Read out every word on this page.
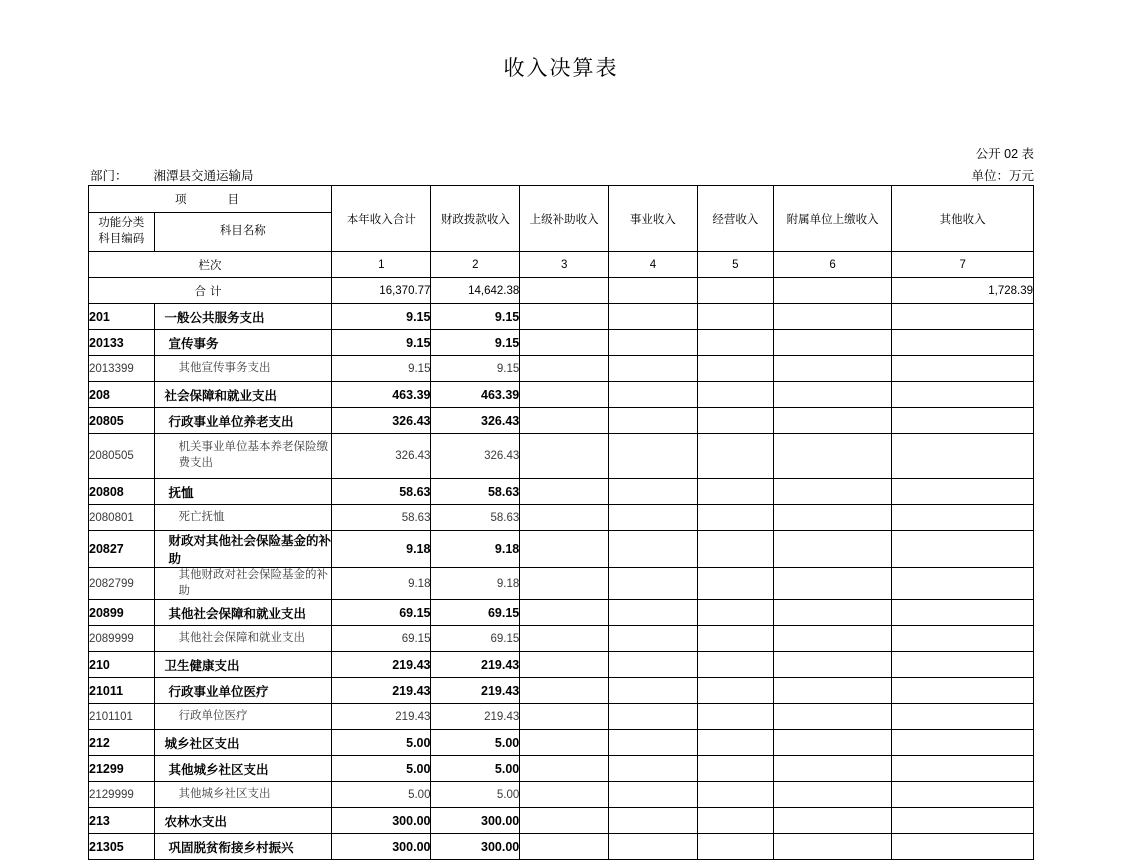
收入决算表
公开 02 表
单位：万元
部门： 湘潭县交通运输局
项　　目		本年收入合计	财政拨款收入	上级补助收入	事业收入	经营收入	附属单位上缴收入	其他收入

功能分类
科目编码	科目名称							
栏次		1	2	3	4	5	6	7
合计		16,370.77	14,642.38					1,728.39
201	一般公共服务支出	9.15	9.15					
20133	宣传事务	9.15	9.15					
2013399	其他宣传事务支出	9.15	9.15					
208	社会保障和就业支出	463.39	463.39					
20805	行政事业单位养老支出	326.43	326.43					
2080505	机关事业单位基本养老保险缴费支出	326.43	326.43					
20808	抚恤	58.63	58.63					
2080801	死亡抚恤	58.63	58.63					
20827	财政对其他社会保险基金的补助	9.18	9.18					
2082799	其他财政对社会保险基金的补助	9.18	9.18					
20899	其他社会保障和就业支出	69.15	69.15					
2089999	其他社会保障和就业支出	69.15	69.15					
210	卫生健康支出	219.43	219.43					
21011	行政事业单位医疗	219.43	219.43					
2101101	行政单位医疗	219.43	219.43					
212	城乡社区支出	5.00	5.00					
21299	其他城乡社区支出	5.00	5.00					
2129999	其他城乡社区支出	5.00	5.00					
213	农林水支出	300.00	300.00					
21305	巩固脱贫衔接乡村振兴	300.00	300.00					
